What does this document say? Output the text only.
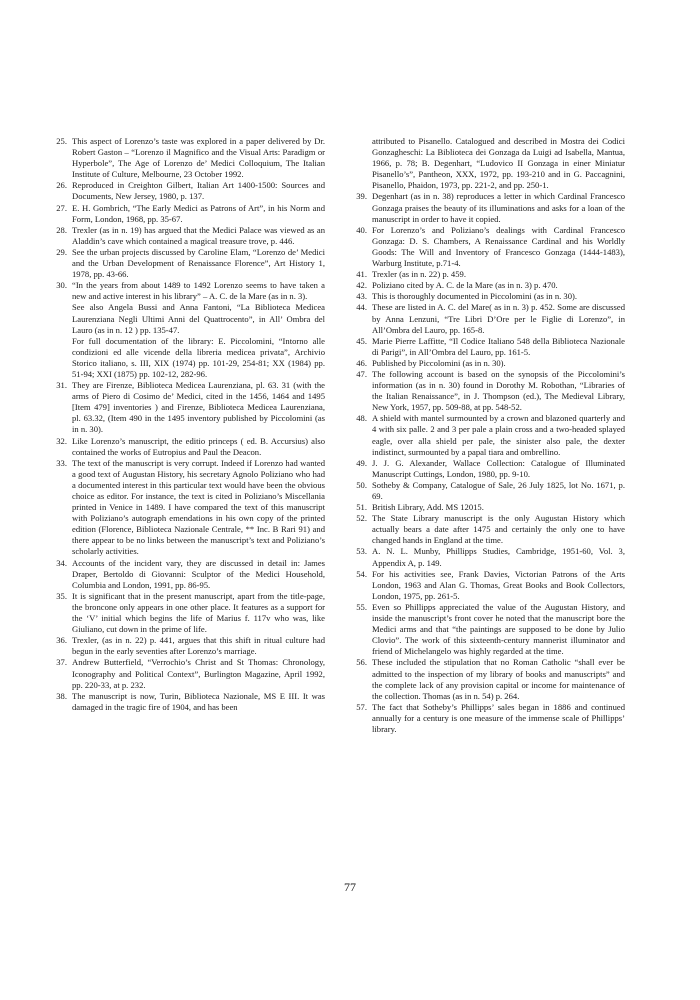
25. This aspect of Lorenzo’s taste was explored in a paper delivered by Dr. Robert Gaston – “Lorenzo il Magnifico and the Visual Arts: Paradigm or Hyperbole”, The Age of Lorenzo de’ Medici Colloquium, The Italian Institute of Culture, Melbourne, 23 October 1992.
26. Reproduced in Creighton Gilbert, Italian Art 1400-1500: Sources and Documents, New Jersey, 1980, p. 137.
27. E. H. Gombrich, “The Early Medici as Patrons of Art”, in his Norm and Form, London, 1968, pp. 35-67.
28. Trexler (as in n. 19) has argued that the Medici Palace was viewed as an Aladdin’s cave which contained a magical treasure trove, p. 446.
29. See the urban projects discussed by Caroline Elam, “Lorenzo de’ Medici and the Urban Development of Renaissance Florence”, Art History 1, 1978, pp. 43-66.
30. “In the years from about 1489 to 1492 Lorenzo seems to have taken a new and active interest in his library” – A. C. de la Mare (as in n. 3).
See also Angela Bussi and Anna Fantoni, “La Biblioteca Medicea Laurenziana Negli Ultimi Anni del Quattrocento”, in All’ Ombra del Lauro (as in n. 12 ) pp. 135-47.
For full documentation of the library: E. Piccolomini, “Intorno alle condizioni ed alle vicende della libreria medicea privata”, Archivio Storico italiano, s. III, XIX (1974) pp. 101-29, 254-81; XX (1984) pp. 51-94; XXI (1875) pp. 102-12, 282-96.
31. They are Firenze, Biblioteca Medicea Laurenziana, pl. 63. 31 (with the arms of Piero di Cosimo de’ Medici, cited in the 1456, 1464 and 1495 [Item 479] inventories ) and Firenze, Biblioteca Medicea Laurenziana, pl. 63.32, (Item 490 in the 1495 inventory published by Piccolomini (as in n. 30).
32. Like Lorenzo’s manuscript, the editio princeps ( ed. B. Accursius) also contained the works of Eutropius and Paul the Deacon.
33. The text of the manuscript is very corrupt. Indeed if Lorenzo had wanted a good text of Augustan History, his secretary Agnolo Poliziano who had a documented interest in this particular text would have been the obvious choice as editor. For instance, the text is cited in Poliziano’s Miscellania printed in Venice in 1489. I have compared the text of this manuscript with Poliziano’s autograph emendations in his own copy of the printed edition (Florence, Biblioteca Nazionale Centrale, ** Inc. B Rari 91) and there appear to be no links between the manuscript’s text and Poliziano’s scholarly activities.
34. Accounts of the incident vary, they are discussed in detail in: James Draper, Bertoldo di Giovanni: Sculptor of the Medici Household, Columbia and London, 1991, pp. 86-95.
35. It is significant that in the present manuscript, apart from the title-page, the broncone only appears in one other place. It features as a support for the ‘V’ initial which begins the life of Marius f. 117v who was, like Giuliano, cut down in the prime of life.
36. Trexler, (as in n. 22) p. 441, argues that this shift in ritual culture had begun in the early seventies after Lorenzo’s marriage.
37. Andrew Butterfield, “Verrochio’s Christ and St Thomas: Chronology, Iconography and Political Context”, Burlington Magazine, April 1992, pp. 220-33, at p. 232.
38. The manuscript is now, Turin, Biblioteca Nazionale, MS E III. It was damaged in the tragic fire of 1904, and has been
attributed to Pisanello. Catalogued and described in Mostra dei Codici Gonzagheschi: La Biblioteca dei Gonzaga da Luigi ad Isabella, Mantua, 1966, p. 78; B. Degenhart, “Ludovico II Gonzaga in einer Miniatur Pisanello’s”, Pantheon, XXX, 1972, pp. 193-210 and in G. Paccagnini, Pisanello, Phaidon, 1973, pp. 221-2, and pp. 250-1.
39. Degenhart (as in n. 38) reproduces a letter in which Cardinal Francesco Gonzaga praises the beauty of its illuminations and asks for a loan of the manuscript in order to have it copied.
40. For Lorenzo’s and Poliziano’s dealings with Cardinal Francesco Gonzaga: D. S. Chambers, A Renaissance Cardinal and his Worldly Goods: The Will and Inventory of Francesco Gonzaga (1444-1483), Warburg Institute, p.71-4.
41. Trexler (as in n. 22) p. 459.
42. Poliziano cited by A. C. de la Mare (as in n. 3) p. 470.
43. This is thoroughly documented in Piccolomini (as in n. 30).
44. These are listed in A. C. del Mare( as in n. 3) p. 452. Some are discussed by Anna Lenzuni, “Tre Libri D’Ore per le Figlie di Lorenzo”, in All’Ombra del Lauro, pp. 165-8.
45. Marie Pierre Laffitte, “Il Codice Italiano 548 della Biblioteca Nazionale di Parigi”, in All’Ombra del Lauro, pp. 161-5.
46. Published by Piccolomini (as in n. 30).
47. The following account is based on the synopsis of the Piccolomini’s information (as in n. 30) found in Dorothy M. Robothan, “Libraries of the Italian Renaissance”, in J. Thompson (ed.), The Medieval Library, New York, 1957, pp. 509-88, at pp. 548-52.
48. A shield with mantel surmounted by a crown and blazoned quarterly and 4 with six palle. 2 and 3 per pale a plain cross and a two-headed splayed eagle, over alla shield per pale, the sinister also pale, the dexter indistinct, surmounted by a papal tiara and ombrellino.
49. J. J. G. Alexander, Wallace Collection: Catalogue of Illuminated Manuscript Cuttings, London, 1980, pp. 9-10.
50. Sotheby & Company, Catalogue of Sale, 26 July 1825, lot No. 1671, p. 69.
51. British Library, Add. MS 12015.
52. The State Library manuscript is the only Augustan History which actually bears a date after 1475 and certainly the only one to have changed hands in England at the time.
53. A. N. L. Munby, Phillipps Studies, Cambridge, 1951-60, Vol. 3, Appendix A, p. 149.
54. For his activities see, Frank Davies, Victorian Patrons of the Arts London, 1963 and Alan G. Thomas, Great Books and Book Collectors, London, 1975, pp. 261-5.
55. Even so Phillipps appreciated the value of the Augustan History, and inside the manuscript’s front cover he noted that the manuscript bore the Medici arms and that “the paintings are supposed to be done by Julio Clovio”. The work of this sixteenth-century mannerist illuminator and friend of Michelangelo was highly regarded at the time.
56. These included the stipulation that no Roman Catholic “shall ever be admitted to the inspection of my library of books and manuscripts” and the complete lack of any provision capital or income for maintenance of the collection. Thomas (as in n. 54) p. 264.
57. The fact that Sotheby’s Phillipps’ sales began in 1886 and continued annually for a century is one measure of the immense scale of Phillipps’ library.
77
